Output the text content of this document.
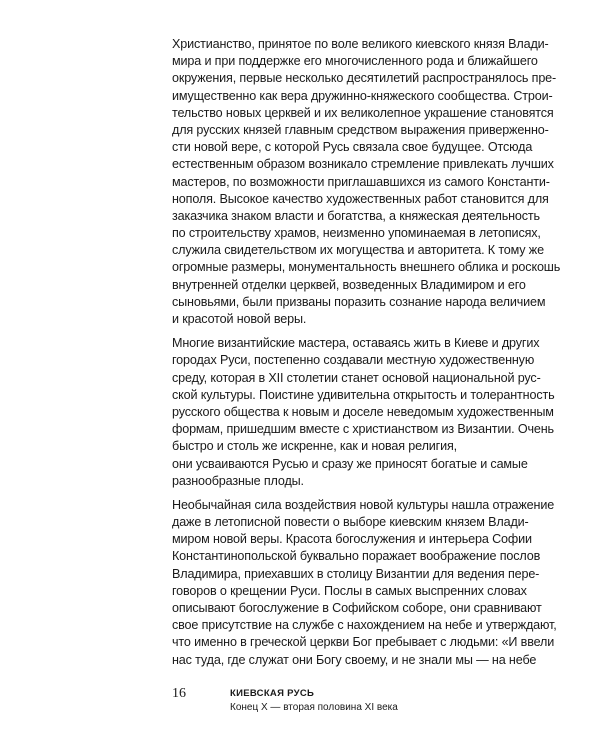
Христианство, принятое по воле великого киевского князя Влади-
мира и при поддержке его многочисленного рода и ближайшего
окружения, первые несколько десятилетий распространялось пре-
имущественно как вера дружинно-княжеского сообщества. Строи-
тельство новых церквей и их великолепное украшение становятся
для русских князей главным средством выражения приверженно-
сти новой вере, с которой Русь связала свое будущее. Отсюда
естественным образом возникало стремление привлекать лучших
мастеров, по возможности приглашавшихся из самого Константи-
нополя. Высокое качество художественных работ становится для
заказчика знаком власти и богатства, а княжеская деятельность
по строительству храмов, неизменно упоминаемая в летописях,
служила свидетельством их могущества и авторитета. К тому же
огромные размеры, монументальность внешнего облика и роскошь
внутренней отделки церквей, возведенных Владимиром и его
сыновьями, были призваны поразить сознание народа величием
и красотой новой веры.
Многие византийские мастера, оставаясь жить в Киеве и других
городах Руси, постепенно создавали местную художественную
среду, которая в XII столетии станет основой национальной рус-
ской культуры. Поистине удивительна открытость и толерантность
русского общества к новым и доселе неведомым художественным
формам, пришедшим вместе с христианством из Византии. Очень
быстро и столь же искренне, как и новая религия,
они усваиваются Русью и сразу же приносят богатые и самые
разнообразные плоды.
Необычайная сила воздействия новой культуры нашла отражение
даже в летописной повести о выборе киевским князем Влади-
миром новой веры. Красота богослужения и интерьера Софии
Константинопольской буквально поражает воображение послов
Владимира, приехавших в столицу Византии для ведения пере-
говоров о крещении Руси. Послы в самых выспренних словах
описывают богослужение в Софийском соборе, они сравнивают
свое присутствие на службе с нахождением на небе и утверждают,
что именно в греческой церкви Бог пребывает с людьми: «И ввели
нас туда, где служат они Богу своему, и не знали мы — на небе
16	КИЕВСКАЯ РУСЬ
Конец X — вторая половина XI века
